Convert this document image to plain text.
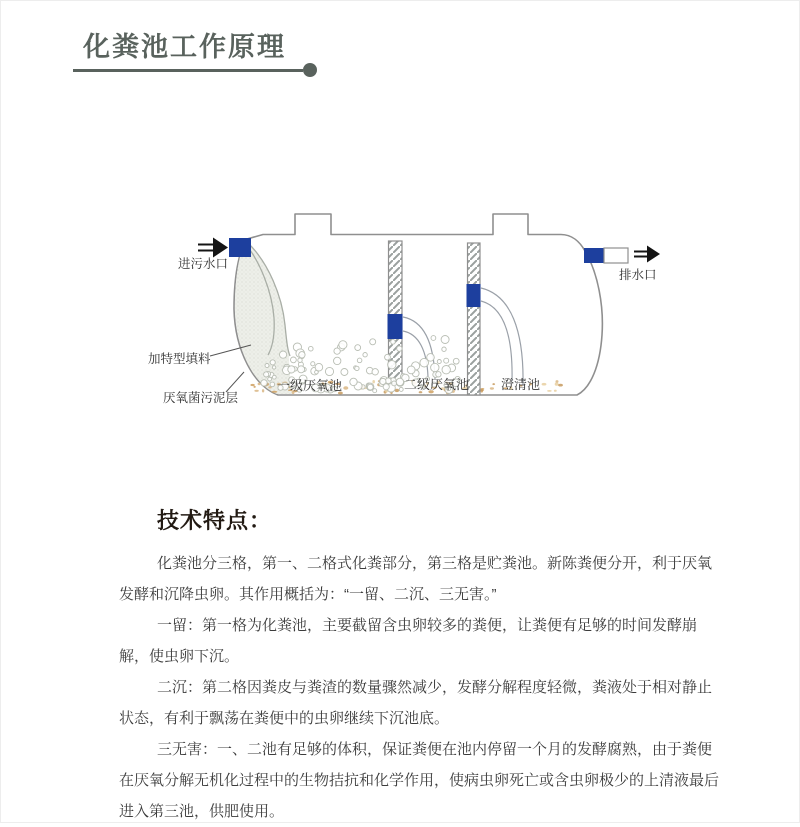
化粪池工作原理
进污水口
排水口
加特型填料
厌氧菌污泥层
一级厌氧池	二级厌氧池 澄清池
技术特点：

化粪池分三格，第一、二格式化粪部分，第三格是贮粪池。新陈粪便分开，利于厌氧发酵和沉降虫卵。其作用概括为：“一留、二沉、三无害。”

一留：第一格为化粪池，主要截留含虫卵较多的粪便，让粪便有足够的时间发酵崩解，使虫卵下沉。

二沉：第二格因粪皮与粪渣的数量骤然减少，发酵分解程度轻微，粪液处于相对静止状态，有利于飘荡在粪便中的虫卵继续下沉池底。

三无害：一、二池有足够的体积，保证粪便在池内停留一个月的发酵腐熟，由于粪便在厌氧分解无机化过程中的生物拮抗和化学作用，使病虫卵死亡或含虫卵极少的上清液最后进入第三池，供肥使用。
